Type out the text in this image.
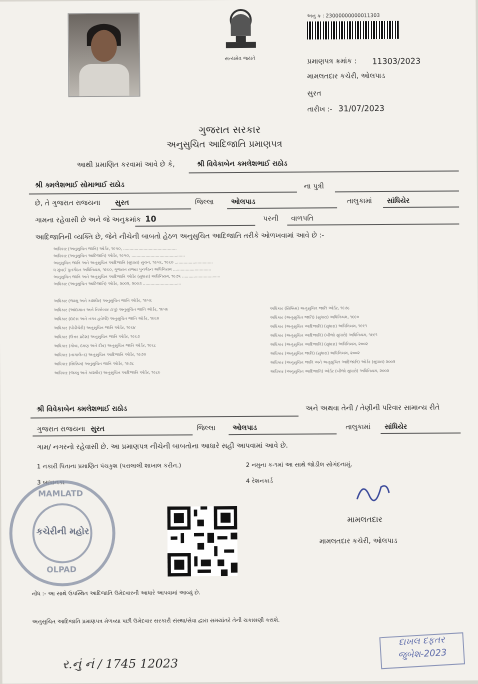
સત્યમેવ જયતે
અનુ ક્ર : 23000000000011303
પ્રમાણપત્ર ક્રમાંક : 11303/2023
મામલતદાર કચેરી, ઓલપાડ
સુરત
તારીખ :- 31/07/2023
ગુજરાત સરકાર
અનુસુચિત આદિજાતિ પ્રમાણપત્ર
આથી પ્રમાણિત કરવામાં આવે છે કે,	શ્રી વિવેકાબેન ક્મલેશભાઈ રાઠોડ
શ્રી ક્મલેશભાઈ સોમાભાઈ રાઠોડ	ના પુત્રી
છે, તે ગુજરાત રાજયના સુરત	જિલ્લા ઓલપાડ	તાલુકામાં સાંધિયેર
ગામના રહેવાસી છે અને જે અનુક્રમાંક 10	પરની વાળપતિ
આદિજાતિની વ્યક્તિ છે, જેને નીચેની બાબતો હેઠળ અનુસુચિત આદિજાતિ તરીકે ઓળખવામાં આવે છે :-
અધિકાર (અનુસુચિત જાતિ) ઓર્ડર, ૧૯૫૦, ..........................................
અધિકાર (અનુસુચિત આદિજાતિ) ઓર્ડર, ૧૯૫૦, ..........................................
અનુસુચિત જાતિ અને અનુસુચિત આદિજાતિ (સુધારા) સુચન, ૧૯૫૬, ૧૯૬૦ ..............................
ધ મુંબઈ પુનર્ગઠન અધિનિયમ, ૧૯૬૦, ગુજરાત રાજ્ય પુનર્ગઠન અધિનિયમ ..............................
અનુસુચિત જાતિ અને અનુસુચિત આદિજાતિ ઓર્ડર (સુધારા) અધિનિયમ, ૧૯૭૬ ..............................
અધિકાર (અનુસુચિત આદિજાતિ) ઓર્ડર, ૨૦૦૨, ૨૦૦૩ ..............................
અધિકાર (જમ્મુ અને કાશ્મીર) અનુસુચિત જાતિ ઓર્ડર, ૧૯૫૬
અધિકાર (આંદામાન અને નિકોબાર ટાપુ) અનુસુચિત જાતિ ઓર્ડર, ૧૯૫૯
અધિકાર (દાદરા અને નગર હવેલી) અનુસુચિત જાતિ ઓર્ડર, ૧૯૬૨
અધિકાર (પોંડીચેરી) અનુસુચિત જાતિ ઓર્ડર, ૧૯૬૪
અધિકાર (ઉત્તર પ્રદેશ) અનુસુચિત જાતિ ઓર્ડર, ૧૯૬૭
અધિકાર (ગોવા, દમણ અને દીવ) અનુસુચિત જાતિ ઓર્ડર, ૧૯૬૮
અધિકાર (નાગાલેન્ડ) અનુસુચિત આદિજાતિ ઓર્ડર, ૧૯૭૦
અધિકાર (સિક્કિમ) અનુસુચિત જાતિ ઓર્ડર, ૧૯૭૮
અધિકાર (જમ્મુ અને કાશ્મીર) અનુસુચિત આદિજાતિ ઓર્ડર, ૧૯૮૯
અધિકાર (સિક્કિમ) અનુસુચિત જાતિ ઓર્ડર, ૧૯૭૮
અધિકાર (અનુસુચિત જાતિ) (સુધારા) અધિનિયમ, ૧૯૯૦
અધિકાર (અનુસુચિત આદિજાતિ) (સુધારા) અધિનિયમ, ૧૯૯૧
અધિકાર (અનુસુચિત આદિજાતિ) (બીજો સુધારો) અધિનિયમ, ૧૯૯૧
અધિકાર (અનુસુચિત આદિજાતિ) (સુધારા) અધિનિયમ, ૨૦૦૨
અધિકાર (અનુસુચિત જાતિ) (સુધારા) અધિનિયમ, ૨૦૦૨
અધિકાર (અનુસુચિત જાતિ અને અનુસુચિત આદિજાતિ) ઓર્ડર (સુધારા) ૨૦૦૨
અધિકાર (અનુસુચિત આદિજાતિ) ઓર્ડર (બીજો સુધારો) અધિનિયમ, ૨૦૦૨
શ્રી વિવેકાબેન ક્મલેશભાઈ રાઠોડ	અને અથવા તેની / તેણીની પરિવાર સામાન્ય રીતે
ગુજરાત રાજયના સુરત	જિલ્લા ઓલપાડ	તાલુકામાં સાંધિયેર
ગામ/ નગરનો રહેવાસી છે. આ પ્રમાણપત્ર નીચેની બાબતોના આધારે સહી આપવામાં આવે છે.
1 નકારી પિતાના પ્રમાણિત પંચકુશ (પરાલાલી શાખાલ કરીન.)	2 નમુના ક-૧માં આ સાથે જોડીલ સોગંદનામું.
3 બાપાનકા	4 રેશનકાર્ડ
MAMLATD
કચેરીની મહોર
OLPAD
મામલતદાર
મામલતદાર કચેરી, ઓલપાડ
નોંધ :- આ સાથે ઉપસ્થિત આદિજાતિ ઉમેદવારની આધારે આપવામાં આવ્યું છે.
અનુસુચિત આદિજાતિ પ્રમાણપત્ર મેળવ્યા પછી ઉમેદવાર સરકારી સંસ્થા/સેવા દ્વારા સમયાંતરે તેની ચકાસણી કરાશે.
ર.નું નં / 1745 12023
દાખલ દફતર
જુબેશ-2023
